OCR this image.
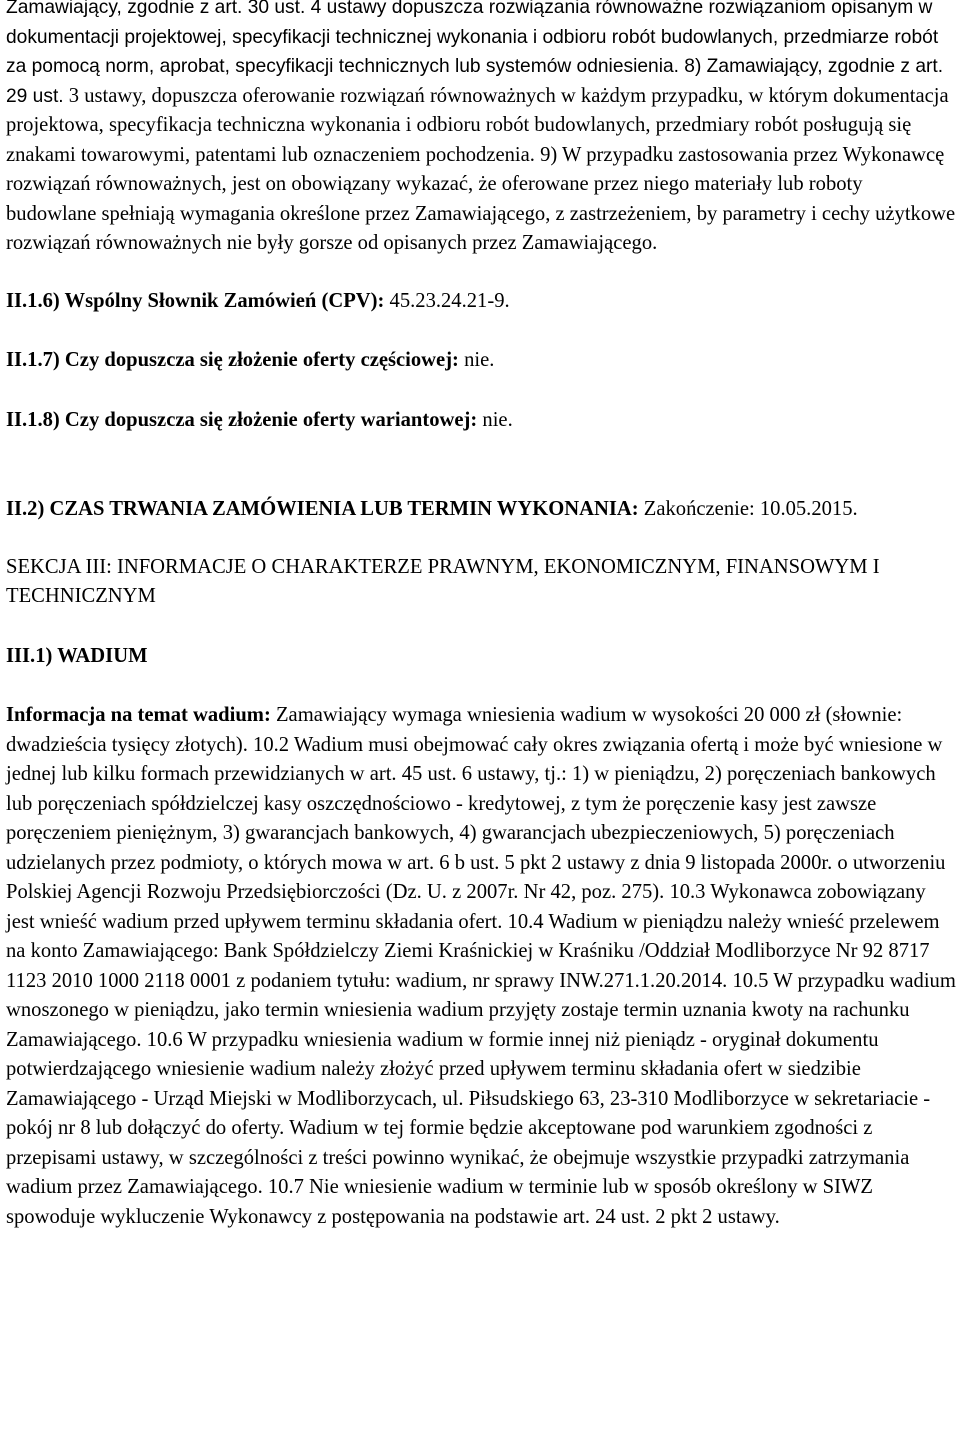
Zamawiający, zgodnie z art. 30 ust. 4 ustawy dopuszcza rozwiązania równoważne rozwiązaniom opisanym w dokumentacji projektowej, specyfikacji technicznej wykonania i odbioru robót budowlanych, przedmiarze robót za pomocą norm, aprobat, specyfikacji technicznych lub systemów odniesienia. 8) Zamawiający, zgodnie z art. 29 ust. 3 ustawy, dopuszcza oferowanie rozwiązań równoważnych w każdym przypadku, w którym dokumentacja projektowa, specyfikacja techniczna wykonania i odbioru robót budowlanych, przedmiary robót posługują się znakami towarowymi, patentami lub oznaczeniem pochodzenia. 9) W przypadku zastosowania przez Wykonawcę rozwiązań równoważnych, jest on obowiązany wykazać, że oferowane przez niego materiały lub roboty budowlane spełniają wymagania określone przez Zamawiającego, z zastrzeżeniem, by parametry i cechy użytkowe rozwiązań równoważnych nie były gorsze od opisanych przez Zamawiającego.

II.1.6) Wspólny Słownik Zamówień (CPV): 45.23.24.21-9.

II.1.7) Czy dopuszcza się złożenie oferty częściowej: nie.

II.1.8) Czy dopuszcza się złożenie oferty wariantowej: nie.

II.2) CZAS TRWANIA ZAMÓWIENIA LUB TERMIN WYKONANIA: Zakończenie: 10.05.2015.

SEKCJA III: INFORMACJE O CHARAKTERZE PRAWNYM, EKONOMICZNYM, FINANSOWYM I TECHNICZNYM

III.1) WADIUM

Informacja na temat wadium: Zamawiający wymaga wniesienia wadium w wysokości 20 000 zł (słownie: dwadzieścia tysięcy złotych). 10.2 Wadium musi obejmować cały okres związania ofertą i może być wniesione w jednej lub kilku formach przewidzianych w art. 45 ust. 6 ustawy, tj.: 1) w pieniądzu, 2) poręczeniach bankowych lub poręczeniach spółdzielczej kasy oszczędnościowo - kredytowej, z tym że poręczenie kasy jest zawsze poręczeniem pieniężnym, 3) gwarancjach bankowych, 4) gwarancjach ubezpieczeniowych, 5) poręczeniach udzielanych przez podmioty, o których mowa w art. 6 b ust. 5 pkt 2 ustawy z dnia 9 listopada 2000r. o utworzeniu Polskiej Agencji Rozwoju Przedsiębiorczości (Dz. U. z 2007r. Nr 42, poz. 275). 10.3 Wykonawca zobowiązany jest wnieść wadium przed upływem terminu składania ofert. 10.4 Wadium w pieniądzu należy wnieść przelewem na konto Zamawiającego: Bank Spółdzielczy Ziemi Kraśnickiej w Kraśniku /Oddział Modliborzyce Nr 92 8717 1123 2010 1000 2118 0001 z podaniem tytułu: wadium, nr sprawy INW.271.1.20.2014. 10.5 W przypadku wadium wnoszonego w pieniądzu, jako termin wniesienia wadium przyjęty zostaje termin uznania kwoty na rachunku Zamawiającego. 10.6 W przypadku wniesienia wadium w formie innej niż pieniądz - oryginał dokumentu potwierdzającego wniesienie wadium należy złożyć przed upływem terminu składania ofert w siedzibie Zamawiającego - Urząd Miejski w Modliborzycach, ul. Piłsudskiego 63, 23-310 Modliborzyce w sekretariacie - pokój nr 8 lub dołączyć do oferty. Wadium w tej formie będzie akceptowane pod warunkiem zgodności z przepisami ustawy, w szczególności z treści powinno wynikać, że obejmuje wszystkie przypadki zatrzymania wadium przez Zamawiającego. 10.7 Nie wniesienie wadium w terminie lub w sposób określony w SIWZ spowoduje wykluczenie Wykonawcy z postępowania na podstawie art. 24 ust. 2 pkt 2 ustawy.
